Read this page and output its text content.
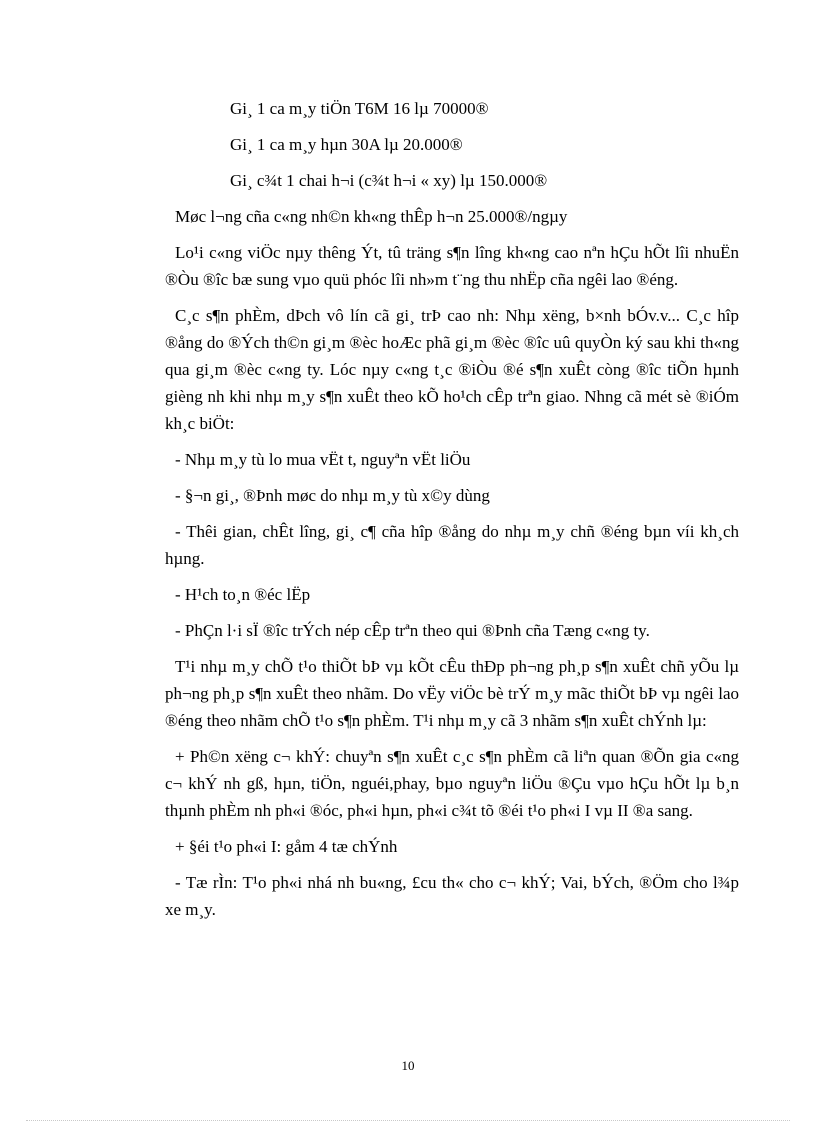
Gi¸ 1 ca m¸y tiÖn T6M 16 lµ 70000®

Gi¸ 1 ca m¸y hµn 30A lµ 20.000®

Gi¸ c¾t 1 chai h¬i (c¾t h¬i « xy) lµ 150.000®

Møc l¬ng cña c«ng nh©n kh«ng thÊp h¬n 25.000®/ngµy

Lo¹i c«ng viÖc nµy thêng Ýt, tû träng s¶n lîng kh«ng cao nªn hÇu hÕt lîi nhuËn ®Òu ®îc bæ sung vµo quü phóc lîi nh»m t¨ng thu nhËp cña ngêi lao ®éng.

C¸c s¶n phÈm, dÞch vô lín cã gi¸ trÞ cao nh: Nhµ xëng, b×nh bÓv.v... C¸c hîp ®ång do ®Ých th©n gi¸m ®èc hoÆc phã gi¸m ®èc ®îc uû quyÒn ký sau khi th«ng qua gi¸m ®èc c«ng ty. Lóc nµy c«ng t¸c ®iÒu ®é s¶n xuÊt còng ®îc tiÕn hµnh gièng nh khi nhµ m¸y s¶n xuÊt theo kÕ ho¹ch cÊp trªn giao. Nhng cã mét sè ®iÓm kh¸c biÖt:

- Nhµ m¸y tù lo mua vËt t, nguyªn vËt liÖu

- §¬n gi¸, ®Þnh møc do nhµ m¸y tù x©y dùng

- Thêi gian, chÊt lîng, gi¸ c¶ cña hîp ®ång do nhµ m¸y chñ ®éng bµn víi kh¸ch hµng.

- H¹ch to¸n ®éc lËp

- PhÇn l·i sÏ ®îc trÝch nép cÊp trªn theo qui ®Þnh cña Tæng c«ng ty.

T¹i nhµ m¸y chÕ t¹o thiÕt bÞ vµ kÕt cÊu thÐp ph¬ng ph¸p s¶n xuÊt chñ yÕu lµ ph¬ng ph¸p s¶n xuÊt theo nhãm. Do vËy viÖc bè trÝ m¸y mãc thiÕt bÞ vµ ngêi lao ®éng theo nhãm chÕ t¹o s¶n phÈm. T¹i nhµ m¸y cã 3 nhãm s¶n xuÊt chÝnh lµ:

+ Ph©n xëng c¬ khÝ: chuyªn s¶n xuÊt c¸c s¶n phÈm cã liªn quan ®Õn gia c«ng c¬ khÝ nh gß, hµn, tiÖn, nguéi,phay, bµo nguyªn liÖu ®Çu vµo hÇu hÕt lµ b¸n thµnh phÈm nh ph«i ®óc, ph«i hµn, ph«i c¾t tõ ®éi t¹o ph«i I vµ II ®a sang.

+ §éi t¹o ph«i I: gåm 4 tæ chÝnh

- Tæ rÌn: T¹o ph«i nhá nh bu«ng, £cu th« cho c¬ khÝ; Vai, bÝch, ®Öm cho l¾p xe m¸y.

10
